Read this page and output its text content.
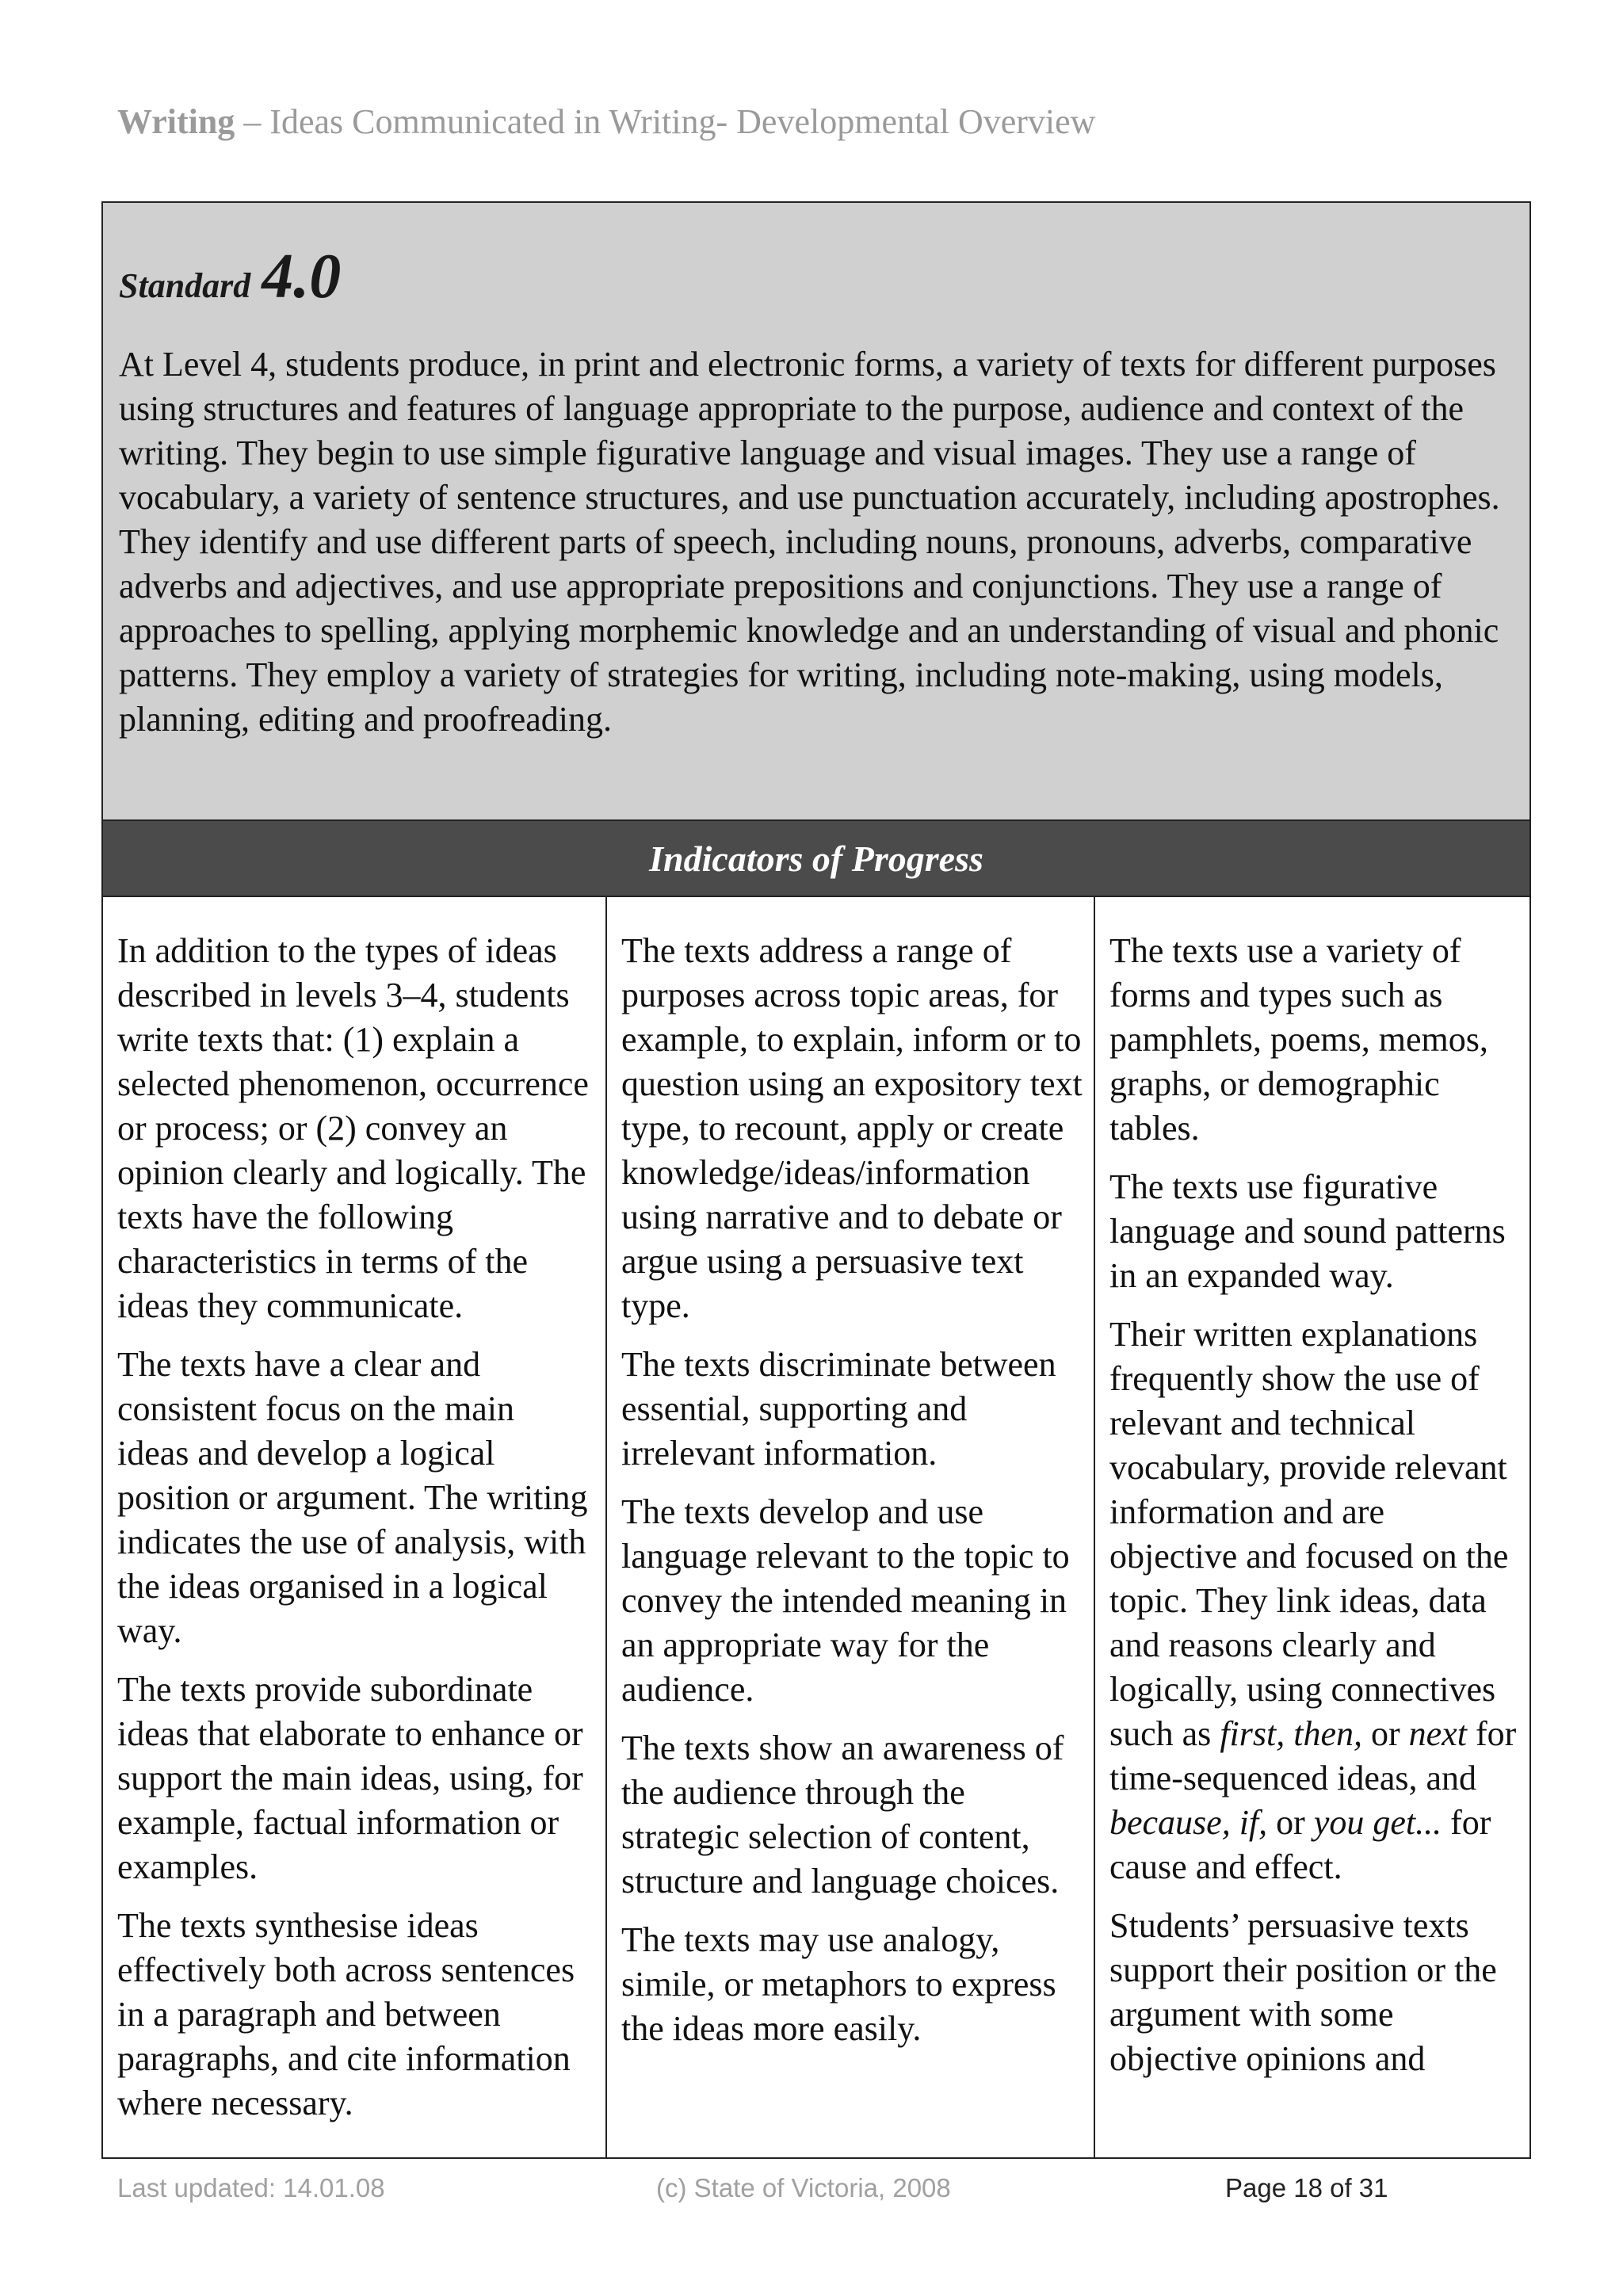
Writing – Ideas Communicated in Writing- Developmental Overview
Standard 4.0
At Level 4, students produce, in print and electronic forms, a variety of texts for different purposes using structures and features of language appropriate to the purpose, audience and context of the writing. They begin to use simple figurative language and visual images. They use a range of vocabulary, a variety of sentence structures, and use punctuation accurately, including apostrophes. They identify and use different parts of speech, including nouns, pronouns, adverbs, comparative adverbs and adjectives, and use appropriate prepositions and conjunctions. They use a range of approaches to spelling, applying morphemic knowledge and an understanding of visual and phonic patterns. They employ a variety of strategies for writing, including note-making, using models, planning, editing and proofreading.
Indicators of Progress

In addition to the types of ideas described in levels 3–4, students write texts that: (1) explain a selected phenomenon, occurrence or process; or (2) convey an opinion clearly and logically. The texts have the following characteristics in terms of the ideas they communicate.

The texts have a clear and consistent focus on the main ideas and develop a logical position or argument. The writing indicates the use of analysis, with the ideas organised in a logical way.

The texts provide subordinate ideas that elaborate to enhance or support the main ideas, using, for example, factual information or examples.

The texts synthesise ideas effectively both across sentences in a paragraph and between paragraphs, and cite information where necessary.

The texts address a range of purposes across topic areas, for example, to explain, inform or to question using an expository text type, to recount, apply or create knowledge/ideas/information using narrative and to debate or argue using a persuasive text type.

The texts discriminate between essential, supporting and irrelevant information.

The texts develop and use language relevant to the topic to convey the intended meaning in an appropriate way for the audience.

The texts show an awareness of the audience through the strategic selection of content, structure and language choices.

The texts may use analogy, simile, or metaphors to express the ideas more easily.

The texts use a variety of forms and types such as pamphlets, poems, memos, graphs, or demographic tables.

The texts use figurative language and sound patterns in an expanded way.

Their written explanations frequently show the use of relevant and technical vocabulary, provide relevant information and are objective and focused on the topic. They link ideas, data and reasons clearly and logically, using connectives such as first, then, or next for time-sequenced ideas, and because, if, or you get... for cause and effect.

Students’ persuasive texts support their position or the argument with some objective opinions and

Last updated: 14.01.08	(c) State of Victoria, 2008	Page 18 of 31
